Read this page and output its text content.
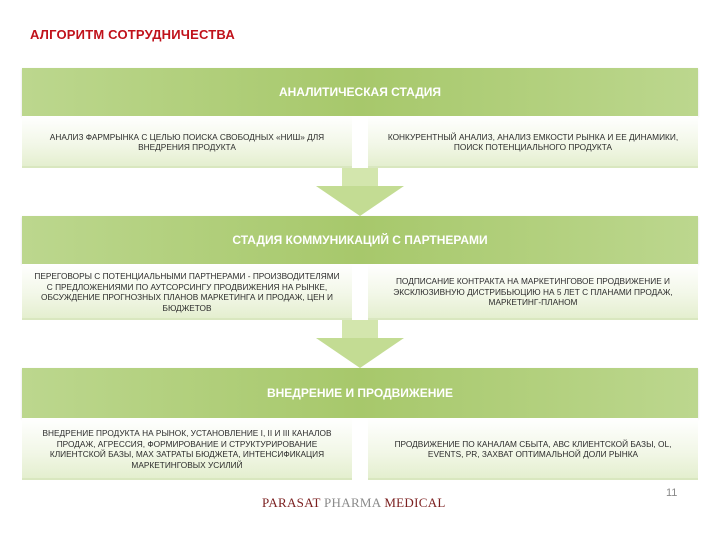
АЛГОРИТМ СОТРУДНИЧЕСТВА
АНАЛИТИЧЕСКАЯ СТАДИЯ
АНАЛИЗ ФАРМРЫНКА С ЦЕЛЬЮ ПОИСКА СВОБОДНЫХ «НИШ» ДЛЯ ВНЕДРЕНИЯ ПРОДУКТА
КОНКУРЕНТНЫЙ АНАЛИЗ, АНАЛИЗ ЕМКОСТИ РЫНКА И ЕЕ ДИНАМИКИ, ПОИСК ПОТЕНЦИАЛЬНОГО ПРОДУКТА
СТАДИЯ КОММУНИКАЦИЙ С ПАРТНЕРАМИ
ПЕРЕГОВОРЫ С ПОТЕНЦИАЛЬНЫМИ ПАРТНЕРАМИ - ПРОИЗВОДИТЕЛЯМИ С ПРЕДЛОЖЕНИЯМИ ПО АУТСОРСИНГУ ПРОДВИЖЕНИЯ НА РЫНКЕ, ОБСУЖДЕНИЕ ПРОГНОЗНЫХ ПЛАНОВ МАРКЕТИНГА И ПРОДАЖ, ЦЕН И БЮДЖЕТОВ
ПОДПИСАНИЕ КОНТРАКТА НА МАРКЕТИНГОВОЕ ПРОДВИЖЕНИЕ И ЭКСКЛЮЗИВНУЮ ДИСТРИБЬЮЦИЮ НА 5 ЛЕТ С ПЛАНАМИ ПРОДАЖ, МАРКЕТИНГ-ПЛАНОМ
ВНЕДРЕНИЕ И ПРОДВИЖЕНИЕ
ВНЕДРЕНИЕ ПРОДУКТА НА РЫНОК, УСТАНОВЛЕНИЕ I, II И III КАНАЛОВ ПРОДАЖ, АГРЕССИЯ, ФОРМИРОВАНИЕ И СТРУКТУРИРОВАНИЕ КЛИЕНТСКОЙ БАЗЫ, МАХ ЗАТРАТЫ БЮДЖЕТА, ИНТЕНСИФИКАЦИЯ МАРКЕТИНГОВЫХ УСИЛИЙ
ПРОДВИЖЕНИЕ ПО КАНАЛАМ СБЫТА, АВС КЛИЕНТСКОЙ БАЗЫ, OL, EVENTS, PR, ЗАХВАТ ОПТИМАЛЬНОЙ ДОЛИ РЫНКА
PARASAT PHARMA MEDICAL
11
